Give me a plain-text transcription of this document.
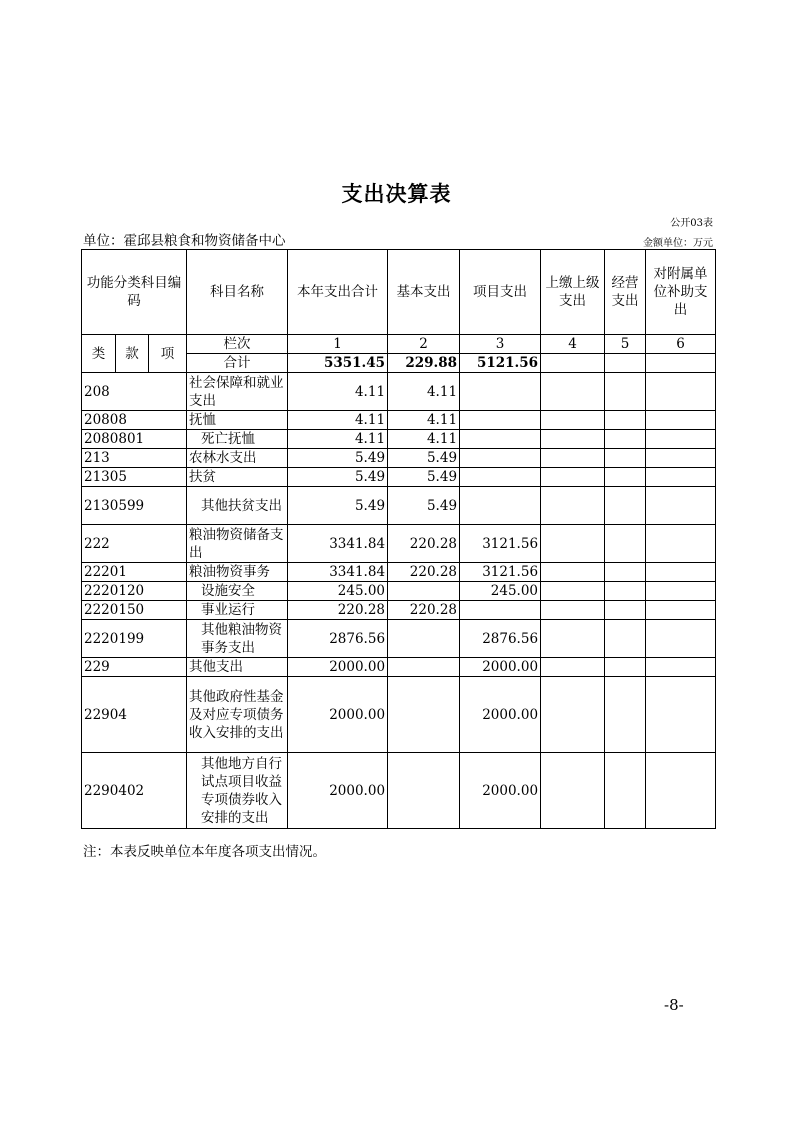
支出决算表
公开03表
单位：霍邱县粮食和物资储备中心	金额单位：万元
功能分类科目编码			科目名称	本年支出合计	基本支出	项目支出	上缴上级支出	经营支出	对附属单位补助支出
类	款	项	栏次	1	2	3	4	5	6
			合计	5351.45	229.88	5121.56			
208			社会保障和就业支出	4.11	4.11				
20808			抚恤	4.11	4.11				
2080801			死亡抚恤	4.11	4.11				
213			农林水支出	5.49	5.49				
21305			扶贫	5.49	5.49				
2130599			其他扶贫支出	5.49	5.49				
222			粮油物资储备支出	3341.84	220.28	3121.56			
22201			粮油物资事务	3341.84	220.28	3121.56			
2220120			设施安全	245.00		245.00			
2220150			事业运行	220.28	220.28				
2220199			其他粮油物资事务支出	2876.56		2876.56			
229			其他支出	2000.00		2000.00			
22904			其他政府性基金及对应专项债务收入安排的支出	2000.00		2000.00			
2290402			其他地方自行试点项目收益专项债券收入安排的支出	2000.00		2000.00			
注：本表反映单位本年度各项支出情况。
-8-
